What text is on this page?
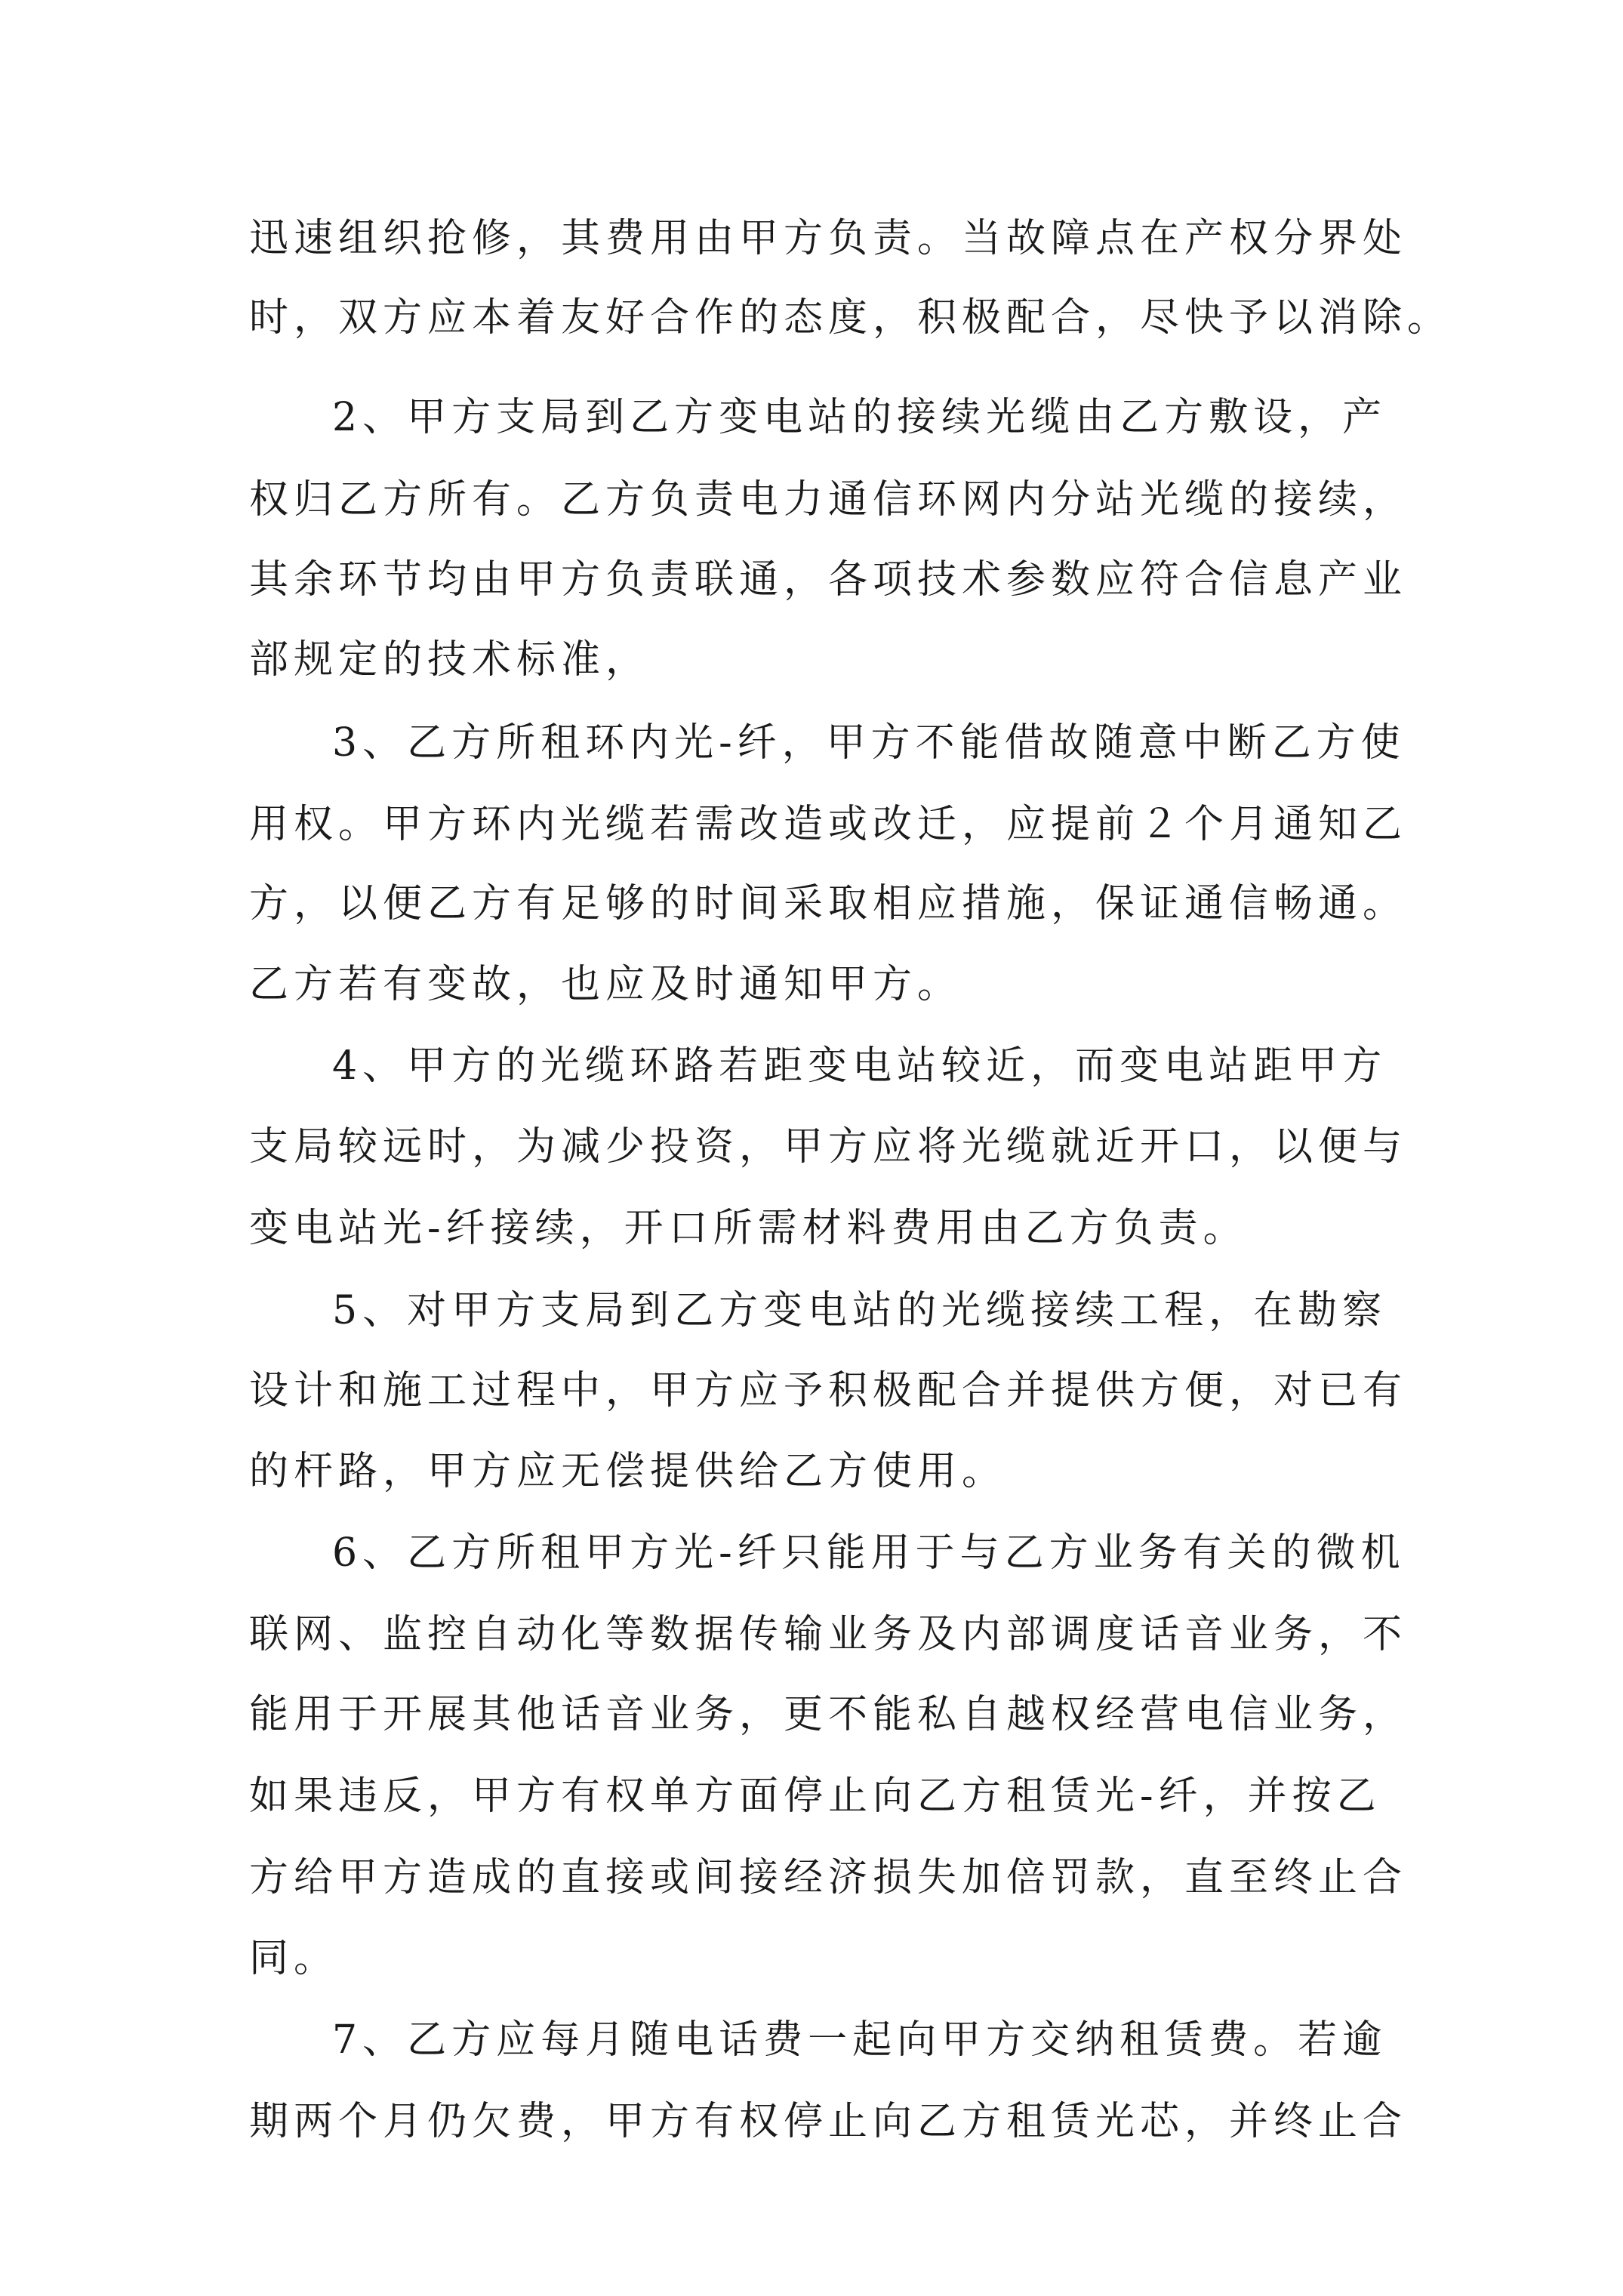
迅速组织抢修，其费用由甲方负责。当故障点在产权分界处
时，双方应本着友好合作的态度，积极配合，尽快予以消除。
2、甲方支局到乙方变电站的接续光缆由乙方敷设，产
权归乙方所有。乙方负责电力通信环网内分站光缆的接续，
其余环节均由甲方负责联通，各项技术参数应符合信息产业
部规定的技术标准，
3、乙方所租环内光-纤，甲方不能借故随意中断乙方使
用权。甲方环内光缆若需改造或改迁，应提前２个月通知乙
方，以便乙方有足够的时间采取相应措施，保证通信畅通。
乙方若有变故，也应及时通知甲方。
4、甲方的光缆环路若距变电站较近，而变电站距甲方
支局较远时，为减少投资，甲方应将光缆就近开口，以便与
变电站光-纤接续，开口所需材料费用由乙方负责。
5、对甲方支局到乙方变电站的光缆接续工程，在勘察
设计和施工过程中，甲方应予积极配合并提供方便，对已有
的杆路，甲方应无偿提供给乙方使用。
6、乙方所租甲方光-纤只能用于与乙方业务有关的微机
联网、监控自动化等数据传输业务及内部调度话音业务，不
能用于开展其他话音业务，更不能私自越权经营电信业务，
如果违反，甲方有权单方面停止向乙方租赁光-纤，并按乙
方给甲方造成的直接或间接经济损失加倍罚款，直至终止合
同。
7、乙方应每月随电话费一起向甲方交纳租赁费。若逾
期两个月仍欠费，甲方有权停止向乙方租赁光芯，并终止合
